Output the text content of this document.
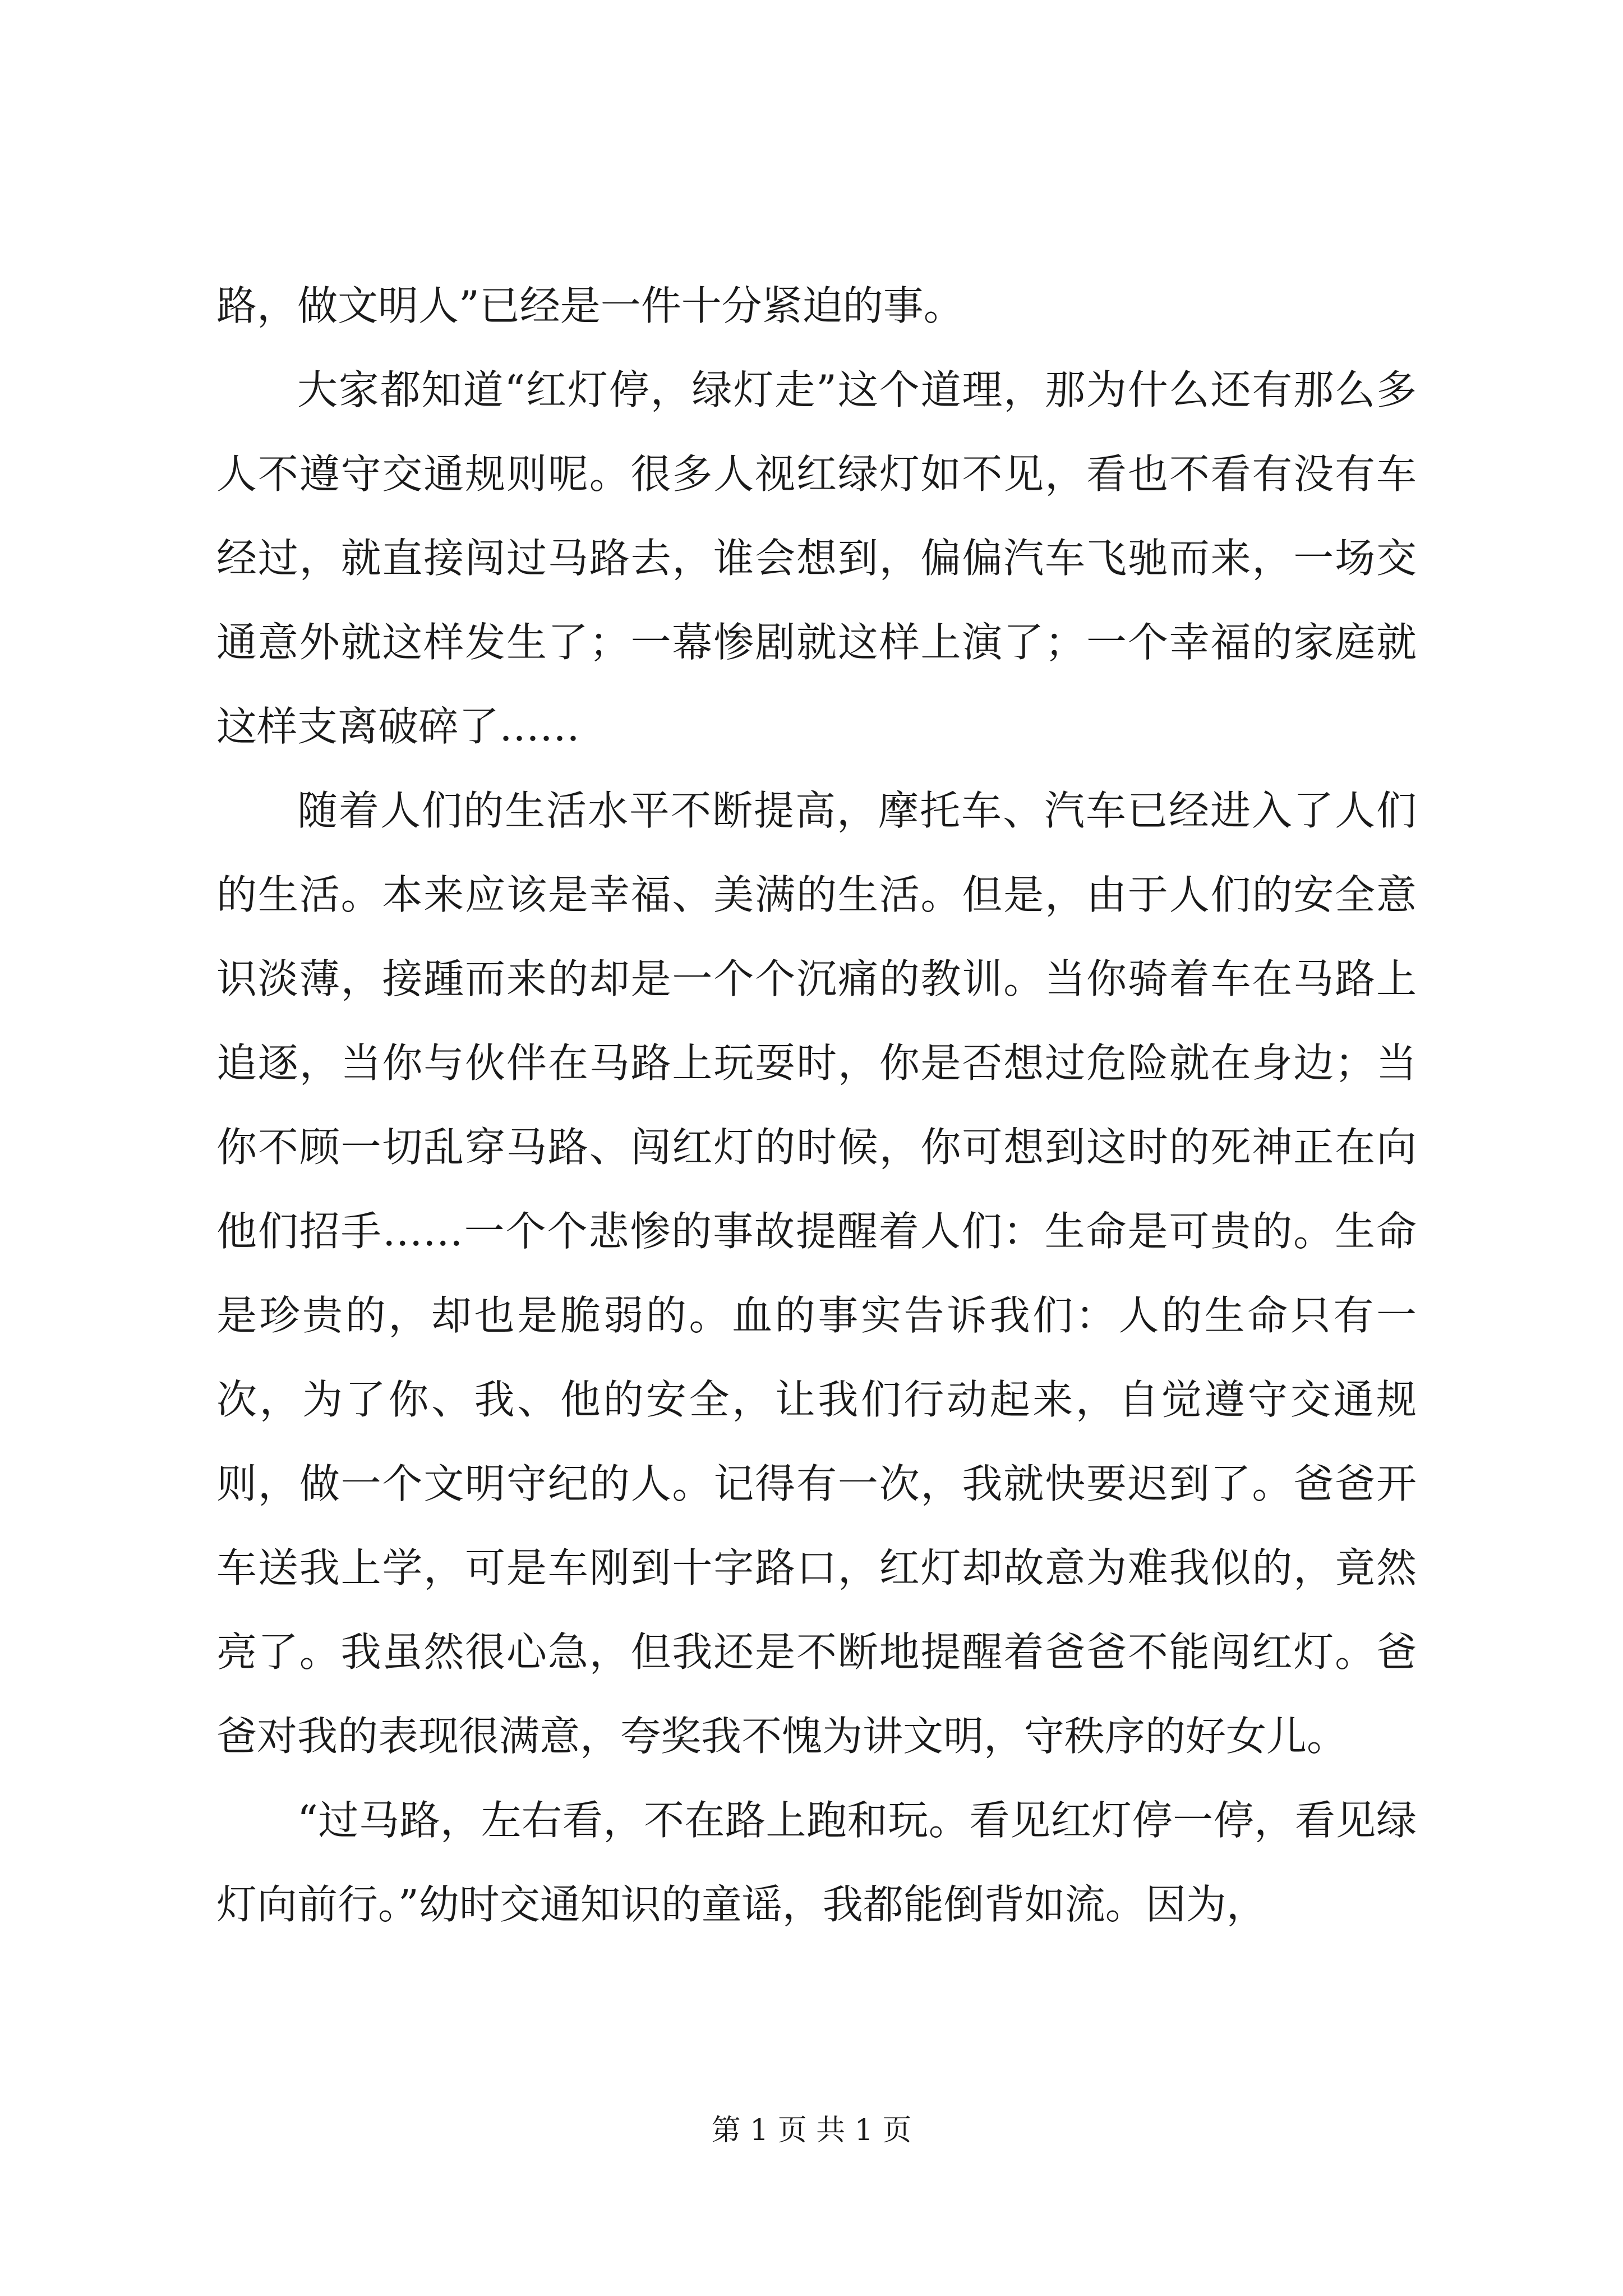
路，做文明人”已经是一件十分紧迫的事。

大家都知道“红灯停，绿灯走”这个道理，那为什么还有那么多人不遵守交通规则呢。很多人视红绿灯如不见，看也不看有没有车经过，就直接闯过马路去，谁会想到，偏偏汽车飞驰而来，一场交通意外就这样发生了；一幕惨剧就这样上演了；一个幸福的家庭就这样支离破碎了……

随着人们的生活水平不断提高，摩托车、汽车已经进入了人们的生活。本来应该是幸福、美满的生活。但是，由于人们的安全意识淡薄，接踵而来的却是一个个沉痛的教训。当你骑着车在马路上追逐，当你与伙伴在马路上玩耍时，你是否想过危险就在身边；当你不顾一切乱穿马路、闯红灯的时候，你可想到这时的死神正在向他们招手……一个个悲惨的事故提醒着人们：生命是可贵的。生命是珍贵的，却也是脆弱的。血的事实告诉我们：人的生命只有一次，为了你、我、他的安全，让我们行动起来，自觉遵守交通规则，做一个文明守纪的人。记得有一次，我就快要迟到了。爸爸开车送我上学，可是车刚到十字路口，红灯却故意为难我似的，竟然亮了。我虽然很心急，但我还是不断地提醒着爸爸不能闯红灯。爸爸对我的表现很满意，夸奖我不愧为讲文明，守秩序的好女儿。

“过马路，左右看，不在路上跑和玩。看见红灯停一停，看见绿灯向前行。”幼时交通知识的童谣，我都能倒背如流。因为，

第 1 页 共 1 页
